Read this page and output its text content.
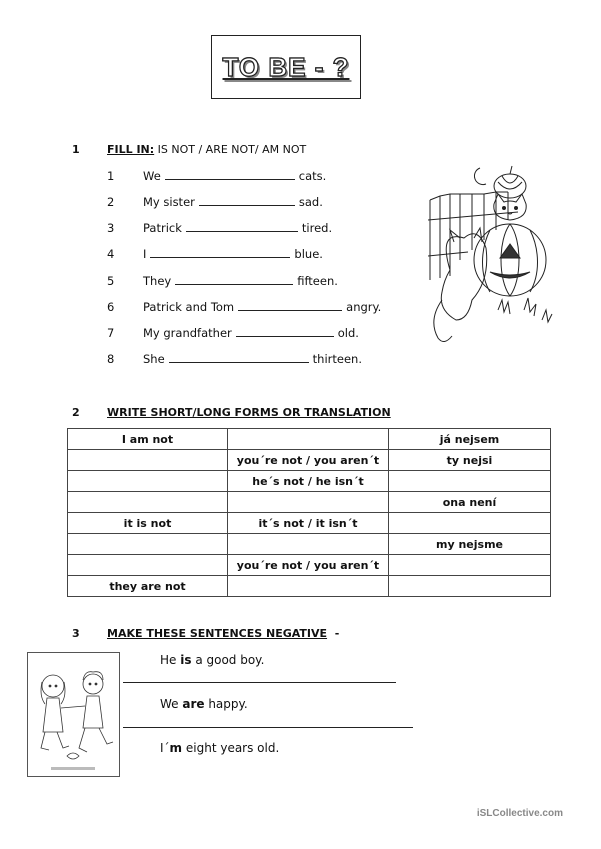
TO BE - ?
1 FILL IN: IS NOT / ARE NOT/ AM NOT
1 We	cats.
2 My sister	sad.
3 Patrick	tired.
4 I	blue.
5 They	fifteen.
6 Patrick and Tom	angry.
7 My grandfather	old.
8 She	thirteen.
2 WRITE SHORT/LONG FORMS OR TRANSLATION
I am not		já nejsem
	you´re not / you aren´t	ty nejsi
	he´s not / he isn´t	
		ona není
it is not	it´s not / it isn´t	
		my nejsme
	you´re not / you aren´t	
they are not		
3 MAKE THESE SENTENCES NEGATIVE -
He is a good boy.
We are happy.
I´m eight years old.
iSLCollective.com
